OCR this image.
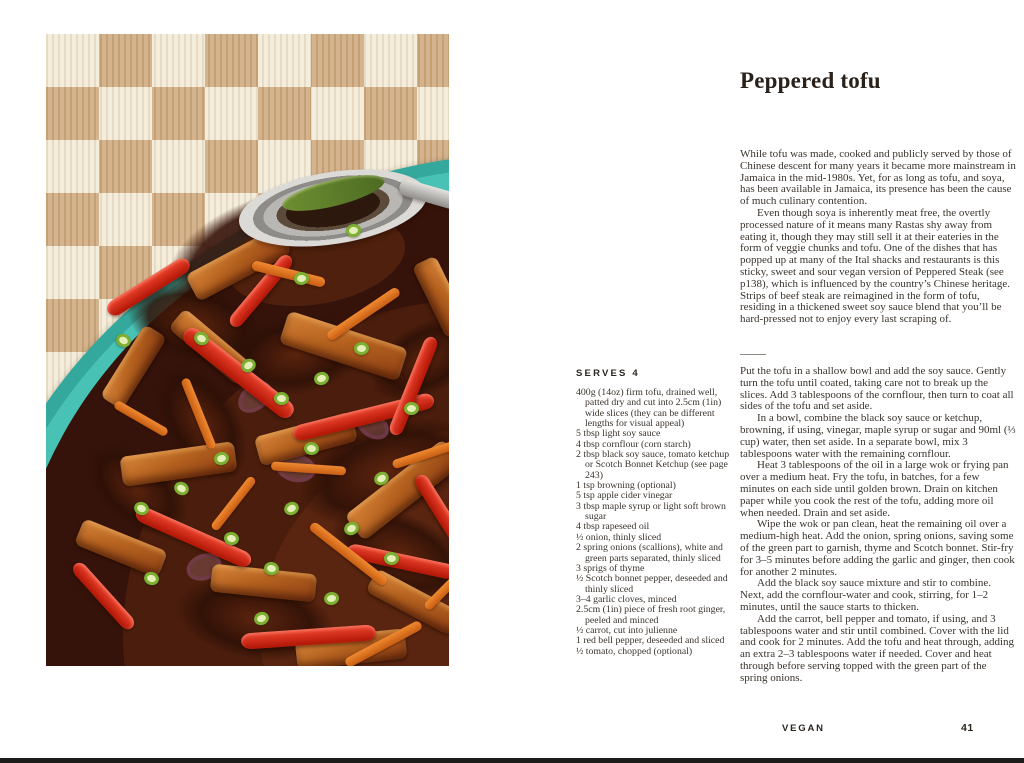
Peppered tofu

While tofu was made, cooked and publicly served by those of Chinese descent for many years it became more mainstream in Jamaica in the mid-1980s. Yet, for as long as tofu, and soya, has been available in Jamaica, its presence has been the cause of much culinary contention.

Even though soya is inherently meat free, the overtly processed nature of it means many Rastas shy away from eating it, though they may still sell it at their eateries in the form of veggie chunks and tofu. One of the dishes that has popped up at many of the Ital shacks and restaurants is this sticky, sweet and sour vegan version of Peppered Steak (see p138), which is influenced by the country’s Chinese heritage. Strips of beef steak are reimagined in the form of tofu, residing in a thickened sweet soy sauce blend that you’ll be hard-pressed not to enjoy every last scraping of.

SERVES 4
400g (14oz) firm tofu, drained well, patted dry and cut into 2.5cm (1in) wide slices (they can be different lengths for visual appeal)
5 tbsp light soy sauce
4 tbsp cornflour (corn starch)
2 tbsp black soy sauce, tomato ketchup or Scotch Bonnet Ketchup (see page 243)
1 tsp browning (optional)
5 tsp apple cider vinegar
3 tbsp maple syrup or light soft brown sugar
4 tbsp rapeseed oil
½ onion, thinly sliced
2 spring onions (scallions), white and green parts separated, thinly sliced
3 sprigs of thyme
½ Scotch bonnet pepper, deseeded and thinly sliced
3–4 garlic cloves, minced
2.5cm (1in) piece of fresh root ginger, peeled and minced
½ carrot, cut into julienne
1 red bell pepper, deseeded and sliced
½ tomato, chopped (optional)

Put the tofu in a shallow bowl and add the soy sauce. Gently turn the tofu until coated, taking care not to break up the slices. Add 3 tablespoons of the cornflour, then turn to coat all sides of the tofu and set aside.

In a bowl, combine the black soy sauce or ketchup, browning, if using, vinegar, maple syrup or sugar and 90ml (⅓ cup) water, then set aside. In a separate bowl, mix 3 tablespoons water with the remaining cornflour.

Heat 3 tablespoons of the oil in a large wok or frying pan over a medium heat. Fry the tofu, in batches, for a few minutes on each side until golden brown. Drain on kitchen paper while you cook the rest of the tofu, adding more oil when needed. Drain and set aside.

Wipe the wok or pan clean, heat the remaining oil over a medium-high heat. Add the onion, spring onions, saving some of the green part to garnish, thyme and Scotch bonnet. Stir-fry for 3–5 minutes before adding the garlic and ginger, then cook for another 2 minutes.

Add the black soy sauce mixture and stir to combine. Next, add the cornflour-water and cook, stirring, for 1–2 minutes, until the sauce starts to thicken.

Add the carrot, bell pepper and tomato, if using, and 3 tablespoons water and stir until combined. Cover with the lid and cook for 2 minutes. Add the tofu and heat through, adding an extra 2–3 tablespoons water if needed. Cover and heat through before serving topped with the green part of the spring onions.

VEGAN	41
